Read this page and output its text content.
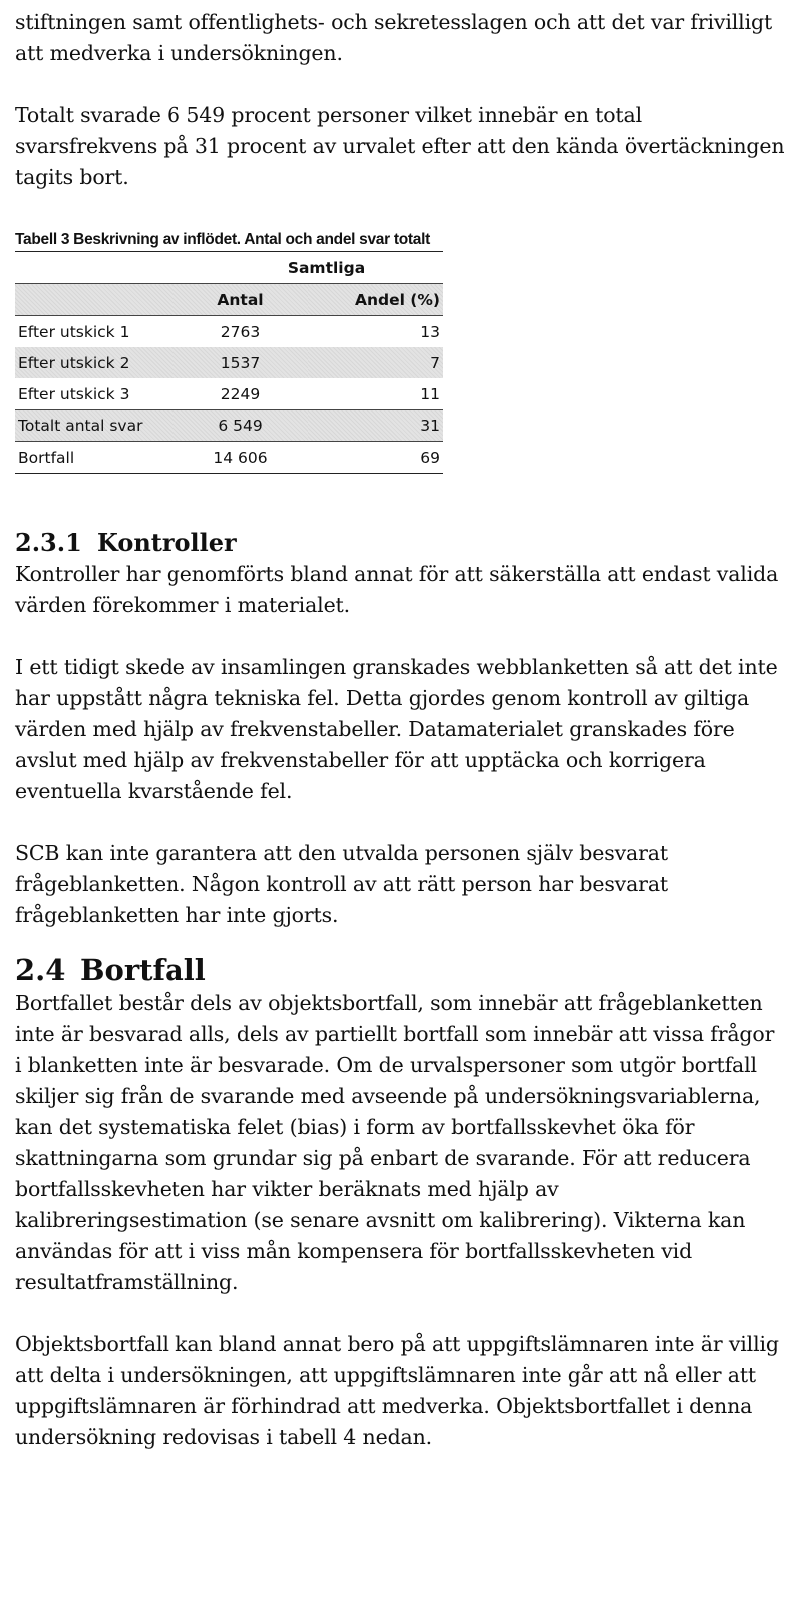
stiftningen samt offentlighets- och sekretesslagen och att det var frivilligt att medverka i undersökningen.

Totalt svarade 6 549 procent personer vilket innebär en total svarsfrekvens på 31 procent av urvalet efter att den kända övertäckningen tagits bort.

Tabell 3 Beskrivning av inflödet. Antal och andel svar totalt

	Samtliga	
	Antal	Andel (%)
Efter utskick 1	2763	13
Efter utskick 2	1537	7
Efter utskick 3	2249	11
Totalt antal svar	6 549	31
Bortfall	14 606	69
2.3.1 Kontroller

Kontroller har genomförts bland annat för att säkerställa att endast valida värden förekommer i materialet.

I ett tidigt skede av insamlingen granskades webblanketten så att det inte har uppstått några tekniska fel. Detta gjordes genom kontroll av giltiga värden med hjälp av frekvenstabeller. Datamaterialet granskades före avslut med hjälp av frekvenstabeller för att upptäcka och korrigera eventuella kvarstående fel.

SCB kan inte garantera att den utvalda personen själv besvarat frågeblanketten. Någon kontroll av att rätt person har besvarat frågeblanketten har inte gjorts.

2.4 Bortfall

Bortfallet består dels av objektsbortfall, som innebär att frågeblanketten inte är besvarad alls, dels av partiellt bortfall som innebär att vissa frågor i blanketten inte är besvarade. Om de urvalspersoner som utgör bortfall skiljer sig från de svarande med avseende på undersökningsvariablerna, kan det systematiska felet (bias) i form av bortfallsskevhet öka för skattningarna som grundar sig på enbart de svarande. För att reducera bortfallsskevheten har vikter beräknats med hjälp av kalibreringsestimation (se senare avsnitt om kalibrering). Vikterna kan användas för att i viss mån kompensera för bortfallsskevheten vid resultatframställning.

Objektsbortfall kan bland annat bero på att uppgiftslämnaren inte är villig att delta i undersökningen, att uppgiftslämnaren inte går att nå eller att uppgiftslämnaren är förhindrad att medverka. Objektsbortfallet i denna undersökning redovisas i tabell 4 nedan.
